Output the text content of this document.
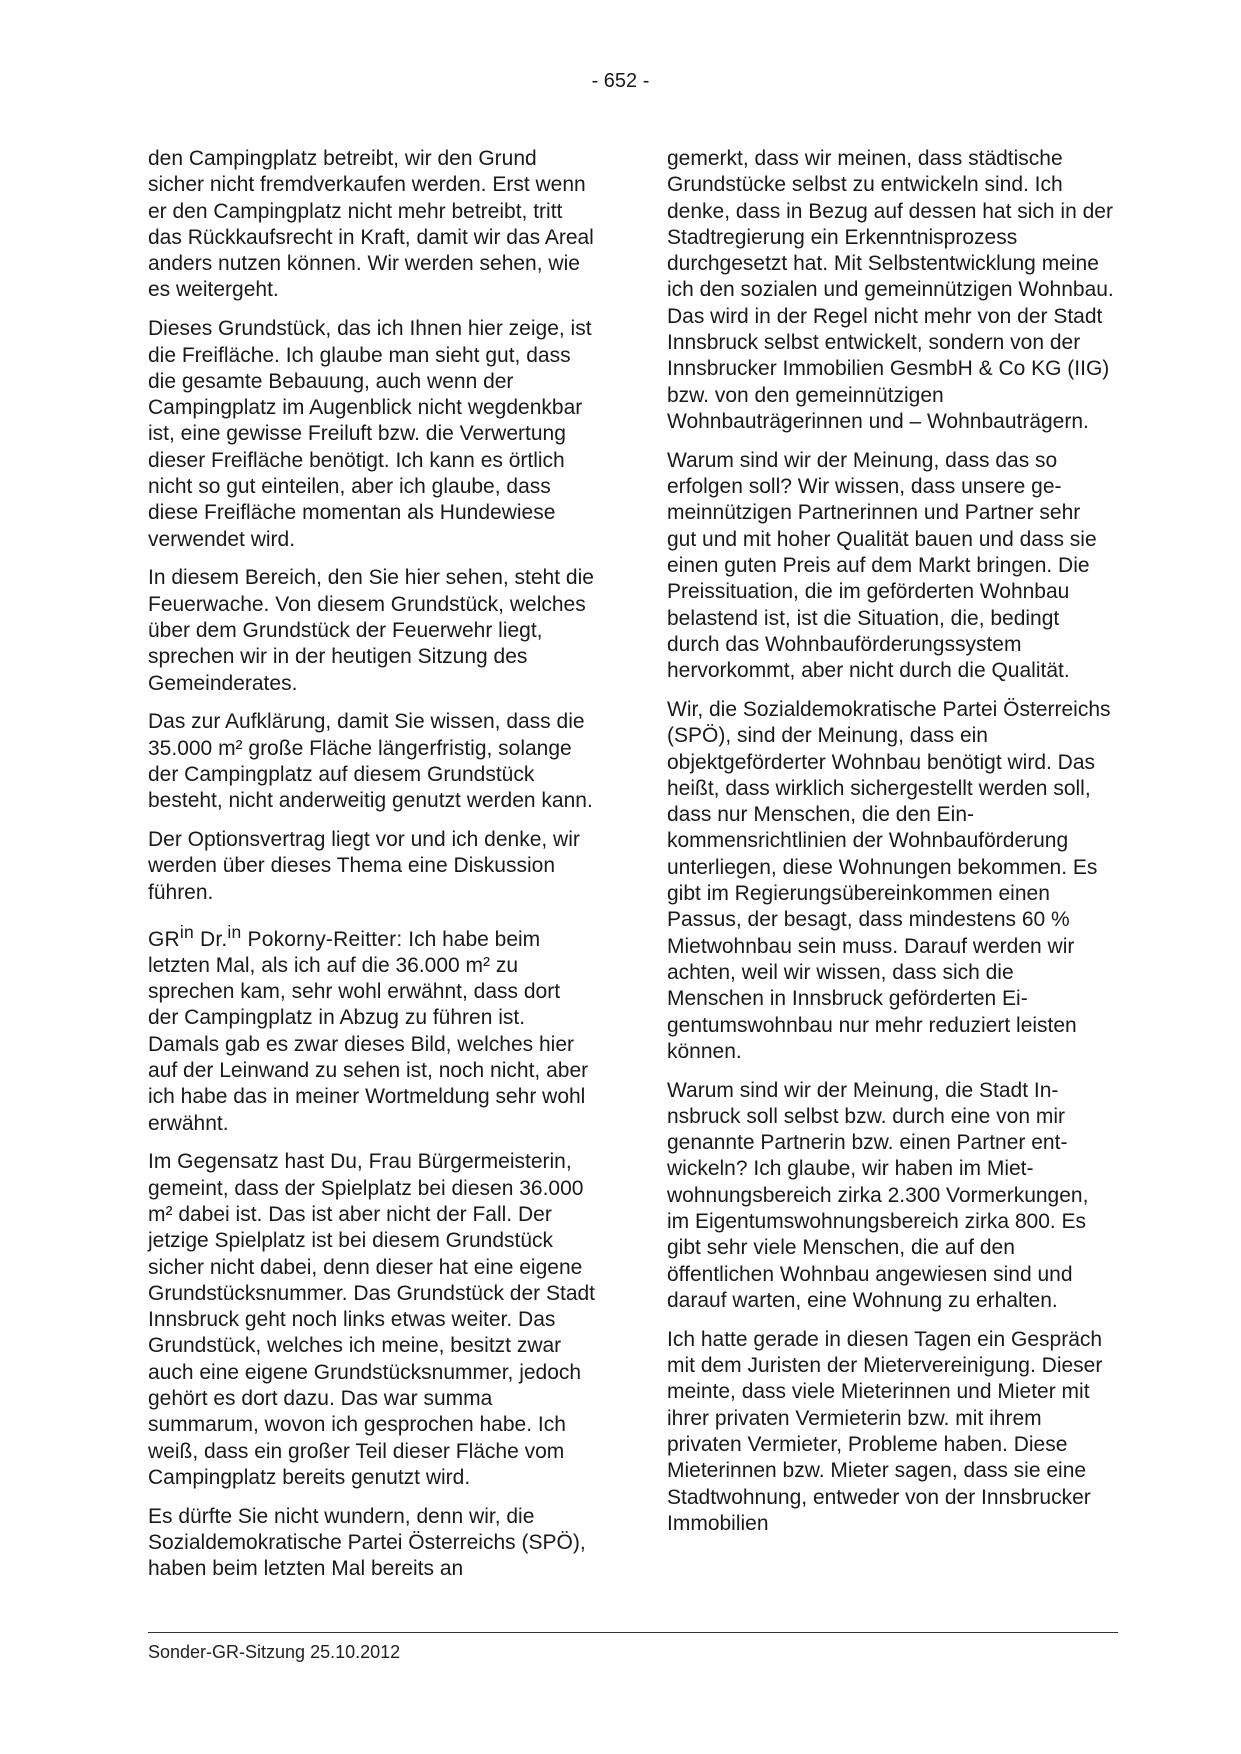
- 652 -

den Campingplatz betreibt, wir den Grund sicher nicht fremdverkaufen werden. Erst wenn er den Campingplatz nicht mehr betreibt, tritt das Rückkaufsrecht in Kraft, damit wir das Areal anders nutzen können. Wir werden sehen, wie es weitergeht.

Dieses Grundstück, das ich Ihnen hier zeige, ist die Freifläche. Ich glaube man sieht gut, dass die gesamte Bebauung, auch wenn der Campingplatz im Augenblick nicht wegdenkbar ist, eine gewisse Freiluft bzw. die Verwertung dieser Freifläche benötigt. Ich kann es örtlich nicht so gut einteilen, aber ich glaube, dass diese Freifläche momentan als Hundewiese verwendet wird.

In diesem Bereich, den Sie hier sehen, steht die Feuerwache. Von diesem Grundstück, welches über dem Grundstück der Feuerwehr liegt, sprechen wir in der heutigen Sitzung des Gemeinderates.

Das zur Aufklärung, damit Sie wissen, dass die 35.000 m² große Fläche längerfristig, solange der Campingplatz auf diesem Grundstück besteht, nicht anderweitig genutzt werden kann.

Der Optionsvertrag liegt vor und ich denke, wir werden über dieses Thema eine Diskussion führen.

$GR^{in}$ Dr.$^{in}$ Pokorny-Reitter: Ich habe beim letzten Mal, als ich auf die 36.000 m² zu sprechen kam, sehr wohl erwähnt, dass dort der Campingplatz in Abzug zu führen ist. Damals gab es zwar dieses Bild, welches hier auf der Leinwand zu sehen ist, noch nicht, aber ich habe das in meiner Wortmeldung sehr wohl erwähnt.

Im Gegensatz hast Du, Frau Bürgermeisterin, gemeint, dass der Spielplatz bei diesen 36.000 m² dabei ist. Das ist aber nicht der Fall. Der jetzige Spielplatz ist bei diesem Grundstück sicher nicht dabei, denn dieser hat eine eigene Grundstücksnummer. Das Grundstück der Stadt Innsbruck geht noch links etwas weiter. Das Grundstück, welches ich meine, besitzt zwar auch eine eigene Grundstücksnummer, jedoch gehört es dort dazu. Das war summa summarum, wovon ich gesprochen habe. Ich weiß, dass ein großer Teil dieser Fläche vom Campingplatz bereits genutzt wird.

Es dürfte Sie nicht wundern, denn wir, die Sozialdemokratische Partei Österreichs (SPÖ), haben beim letzten Mal bereits an

gemerkt, dass wir meinen, dass städtische Grundstücke selbst zu entwickeln sind. Ich denke, dass in Bezug auf dessen hat sich in der Stadtregierung ein Erkenntnisprozess durchgesetzt hat. Mit Selbstentwicklung meine ich den sozialen und gemeinnützigen Wohnbau. Das wird in der Regel nicht mehr von der Stadt Innsbruck selbst entwickelt, sondern von der Innsbrucker Immobilien GesmbH & Co KG (IIG) bzw. von den gemeinnützigen Wohnbauträgerinnen und – Wohnbauträgern.

Warum sind wir der Meinung, dass das so erfolgen soll? Wir wissen, dass unsere gemeinnützigen Partnerinnen und Partner sehr gut und mit hoher Qualität bauen und dass sie einen guten Preis auf dem Markt bringen. Die Preissituation, die im geförderten Wohnbau belastend ist, ist die Situation, die, bedingt durch das Wohnbauförderungssystem hervorkommt, aber nicht durch die Qualität.

Wir, die Sozialdemokratische Partei Österreichs (SPÖ), sind der Meinung, dass ein objektgeförderter Wohnbau benötigt wird. Das heißt, dass wirklich sichergestellt werden soll, dass nur Menschen, die den Einkommensrichtlinien der Wohnbauförderung unterliegen, diese Wohnungen bekommen. Es gibt im Regierungsübereinkommen einen Passus, der besagt, dass mindestens 60 % Mietwohnbau sein muss. Darauf werden wir achten, weil wir wissen, dass sich die Menschen in Innsbruck geförderten Eigentumswohnbau nur mehr reduziert leisten können.

Warum sind wir der Meinung, die Stadt Innsbruck soll selbst bzw. durch eine von mir genannte Partnerin bzw. einen Partner entwickeln? Ich glaube, wir haben im Mietwohnungsbereich zirka 2.300 Vormerkungen, im Eigentumswohnungsbereich zirka 800. Es gibt sehr viele Menschen, die auf den öffentlichen Wohnbau angewiesen sind und darauf warten, eine Wohnung zu erhalten.

Ich hatte gerade in diesen Tagen ein Gespräch mit dem Juristen der Mietervereinigung. Dieser meinte, dass viele Mieterinnen und Mieter mit ihrer privaten Vermieterin bzw. mit ihrem privaten Vermieter, Probleme haben. Diese Mieterinnen bzw. Mieter sagen, dass sie eine Stadtwohnung, entweder von der Innsbrucker Immobilien

Sonder-GR-Sitzung 25.10.2012
